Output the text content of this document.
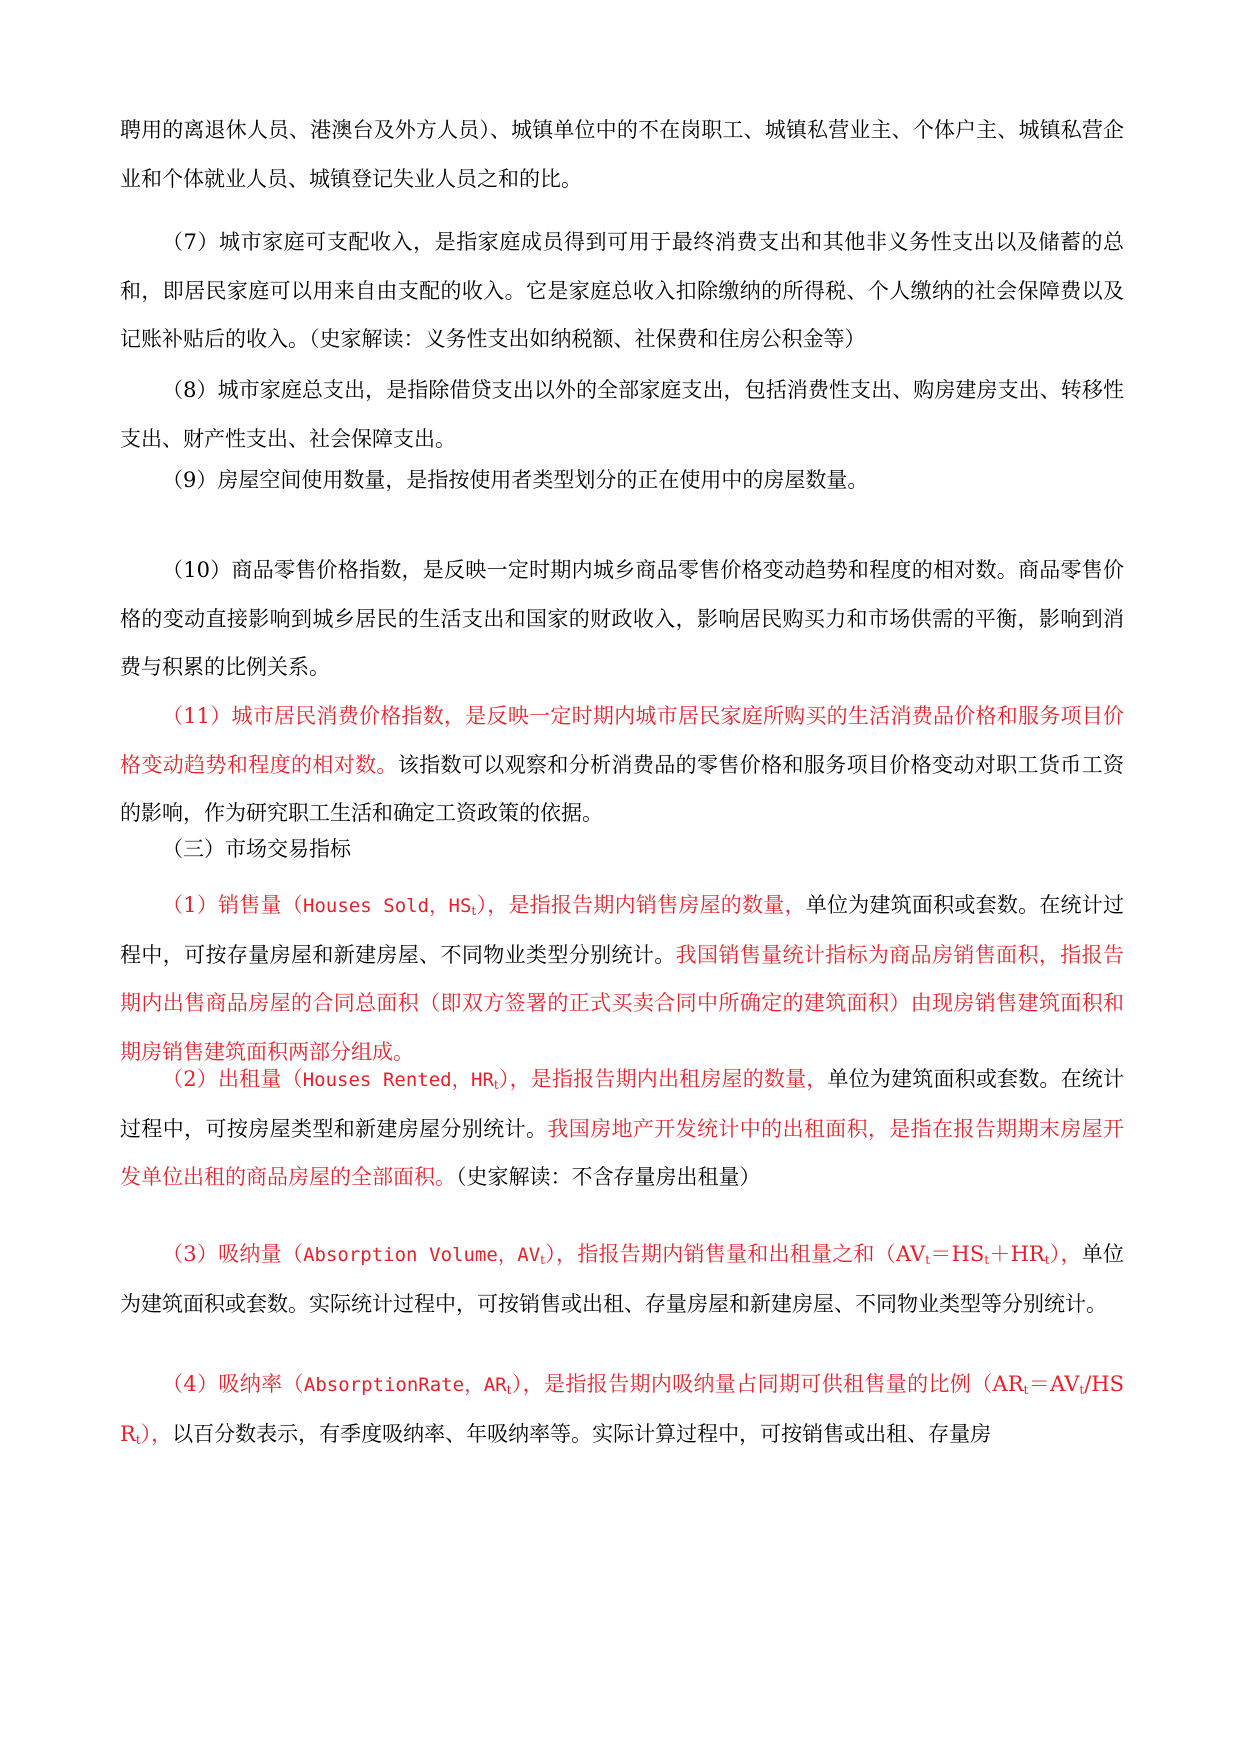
聘用的离退休人员、港澳台及外方人员）、城镇单位中的不在岗职工、城镇私营业主、个体户主、城镇私营企业和个体就业人员、城镇登记失业人员之和的比。

（7）城市家庭可支配收入，是指家庭成员得到可用于最终消费支出和其他非义务性支出以及储蓄的总和，即居民家庭可以用来自由支配的收入。它是家庭总收入扣除缴纳的所得税、个人缴纳的社会保障费以及记账补贴后的收入。（史家解读：义务性支出如纳税额、社保费和住房公积金等）

（8）城市家庭总支出，是指除借贷支出以外的全部家庭支出，包括消费性支出、购房建房支出、转移性支出、财产性支出、社会保障支出。

（9）房屋空间使用数量，是指按使用者类型划分的正在使用中的房屋数量。

（10）商品零售价格指数，是反映一定时期内城乡商品零售价格变动趋势和程度的相对数。商品零售价格的变动直接影响到城乡居民的生活支出和国家的财政收入，影响居民购买力和市场供需的平衡，影响到消费与积累的比例关系。

（11）城市居民消费价格指数，是反映一定时期内城市居民家庭所购买的生活消费品价格和服务项目价格变动趋势和程度的相对数。该指数可以观察和分析消费品的零售价格和服务项目价格变动对职工货币工资的影响，作为研究职工生活和确定工资政策的依据。

（三）市场交易指标

（1）销售量（Houses Sold，$HS_t$），是指报告期内销售房屋的数量，单位为建筑面积或套数。在统计过程中，可按存量房屋和新建房屋、不同物业类型分别统计。我国销售量统计指标为商品房销售面积，指报告期内出售商品房屋的合同总面积（即双方签署的正式买卖合同中所确定的建筑面积）由现房销售建筑面积和期房销售建筑面积两部分组成。

（2）出租量（Houses Rented，$HR_t$），是指报告期内出租房屋的数量，单位为建筑面积或套数。在统计过程中，可按房屋类型和新建房屋分别统计。我国房地产开发统计中的出租面积，是指在报告期期末房屋开发单位出租的商品房屋的全部面积。（史家解读：不含存量房出租量）

（3）吸纳量（Absorption Volume，$AV_t$），指报告期内销售量和出租量之和$(AV_t=HS_t+HR_t)$，单位为建筑面积或套数。实际统计过程中，可按销售或出租、存量房屋和新建房屋、不同物业类型等分别统计。

（4）吸纳率（AbsorptionRate，$AR_t$），是指报告期内吸纳量占同期可供租售量的比例$(AR_t=AV_t/HSR_t)$，以百分数表示，有季度吸纳率、年吸纳率等。实际计算过程中，可按销售或出租、存量房
